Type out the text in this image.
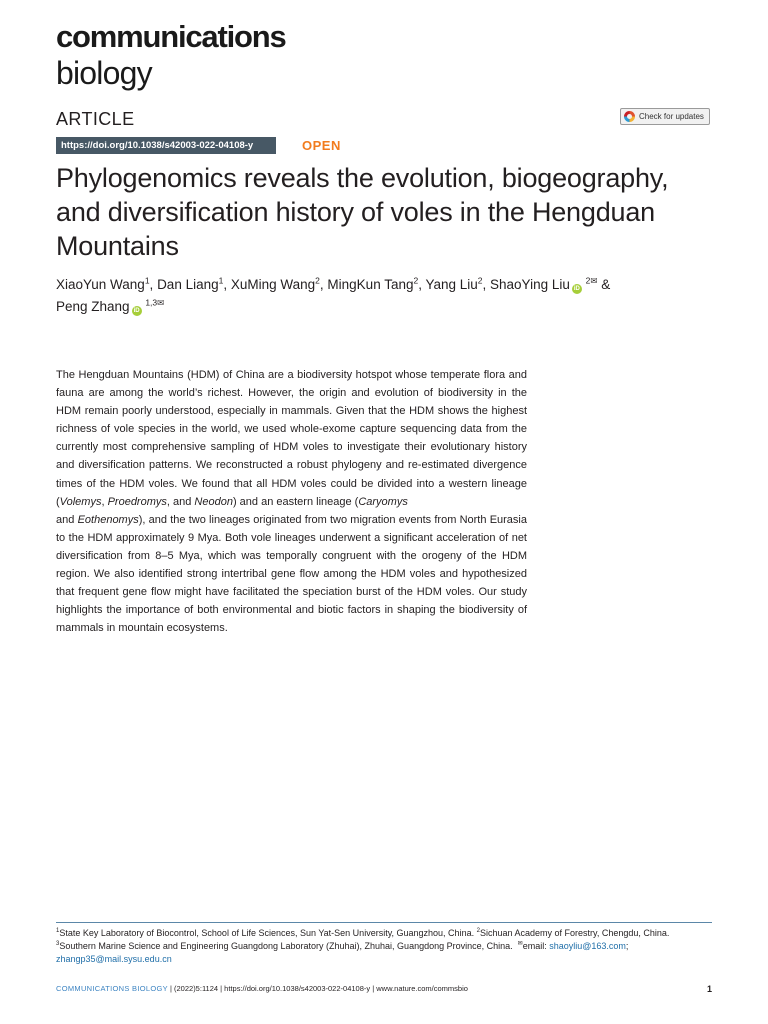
communications
biology
ARTICLE	Check for updates
https://doi.org/10.1038/s42003-022-04108-y	OPEN
Phylogenomics reveals the evolution, biogeography, and diversification history of voles in the Hengduan Mountains
XiaoYun Wang$^1$, Dan Liang$^1$, XuMing Wang$^2$, MingKun Tang$^2$, Yang Liu$^2$, ShaoYing Liu iD $^{2✉}$ &
Peng Zhang iD $^{1,3✉}$

The Hengduan Mountains (HDM) of China are a biodiversity hotspot whose temperate flora and fauna are among the world’s richest. However, the origin and evolution of biodiversity in the HDM remain poorly understood, especially in mammals. Given that the HDM shows the highest richness of vole species in the world, we used whole-exome capture sequencing data from the currently most comprehensive sampling of HDM voles to investigate their evolutionary history and diversification patterns. We reconstructed a robust phylogeny and re-estimated divergence times of the HDM voles. We found that all HDM voles could be divided into a western lineage (Volemys, Proedromys, and Neodon) and an eastern lineage (Caryomys
and Eothenomys), and the two lineages originated from two migration events from North Eurasia to the HDM approximately 9 Mya. Both vole lineages underwent a significant acceleration of net diversification from 8–5 Mya, which was temporally congruent with the orogeny of the HDM region. We also identified strong intertribal gene flow among the HDM voles and hypothesized that frequent gene flow might have facilitated the speciation burst of the HDM voles. Our study highlights the importance of both environmental and biotic factors in shaping the biodiversity of mammals in mountain ecosystems.

$^1$State Key Laboratory of Biocontrol, School of Life Sciences, Sun Yat-Sen University, Guangzhou, China. $^2$Sichuan Academy of Forestry, Chengdu, China.
$^3$Southern Marine Science and Engineering Guangdong Laboratory (Zhuhai), Zhuhai, Guangdong Province, China. ✉email: shaoyliu@163.com;
zhangp35@mail.sysu.edu.cn
COMMUNICATIONS BIOLOGY | (2022)5:1124 | https://doi.org/10.1038/s42003-022-04108-y | www.nature.com/commsbio	1
